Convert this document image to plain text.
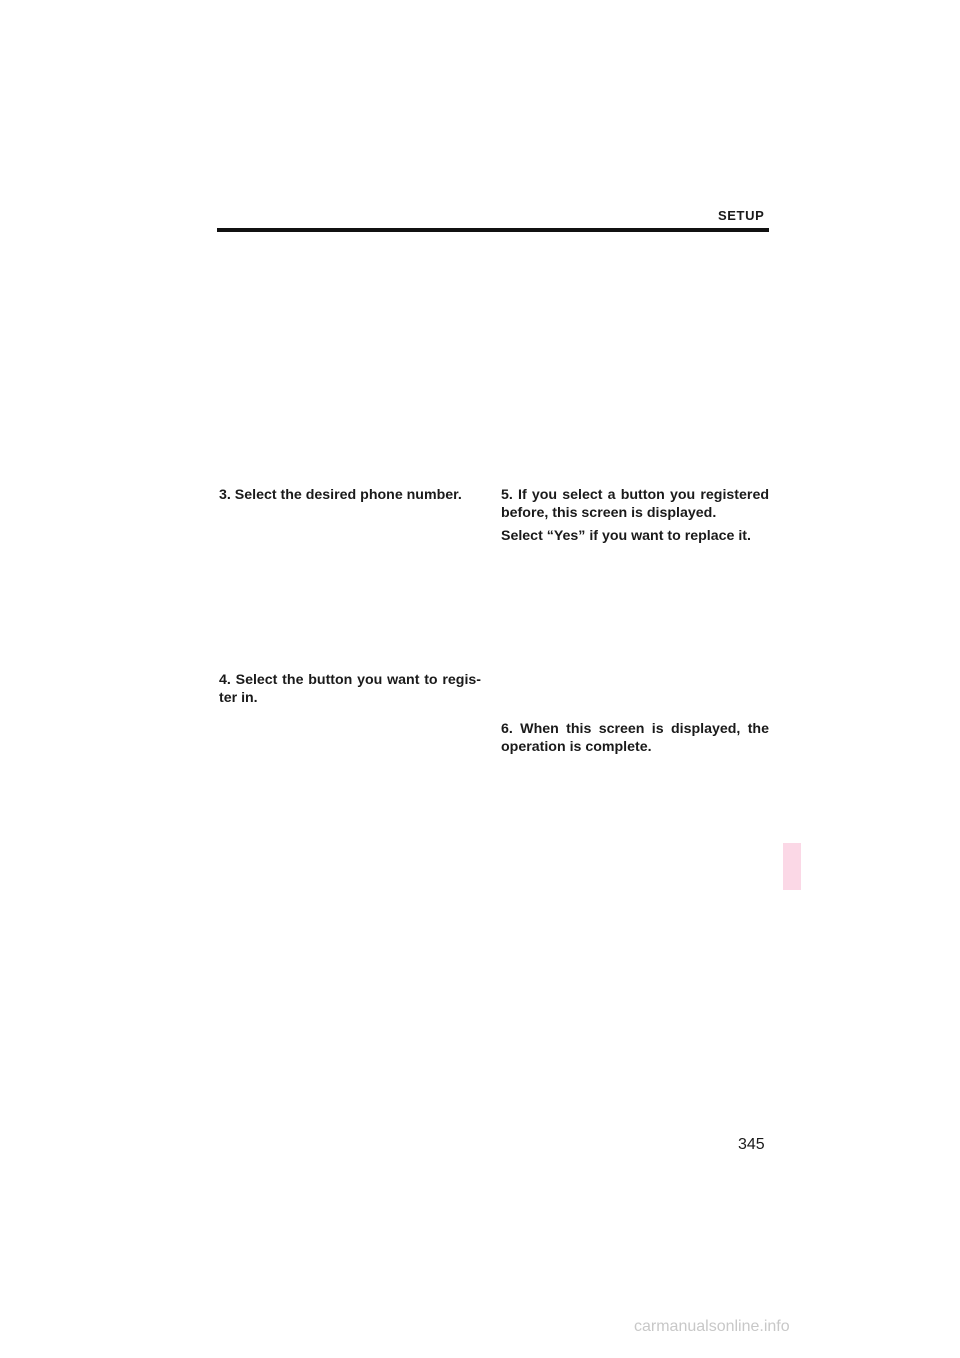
SETUP

3. Select the desired phone number.

4. Select the button you want to regis-
ter in.

5. If you select a button you registered
before, this screen is displayed.

Select “Yes” if you want to replace it.

6. When this screen is displayed, the
operation is complete.

345
carmanualsonline.info
